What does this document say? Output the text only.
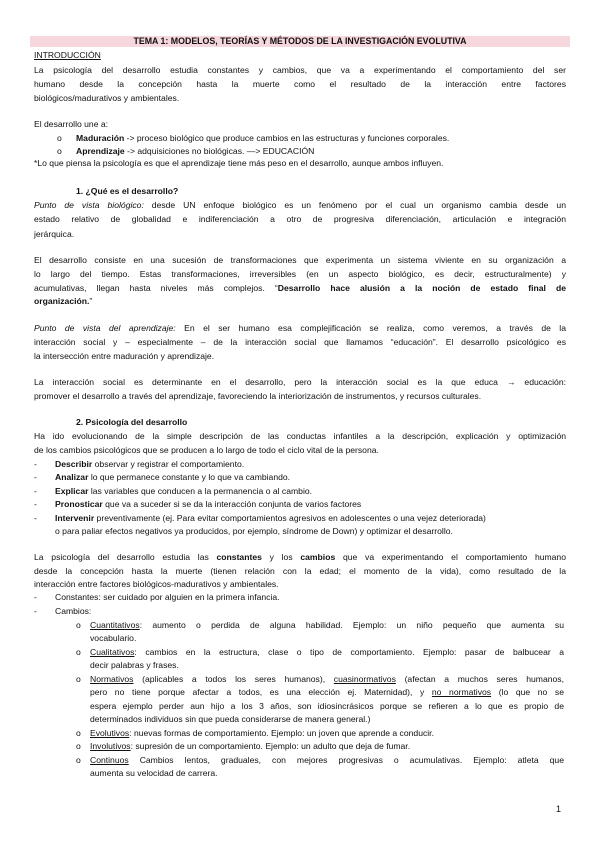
TEMA 1: MODELOS, TEORÍAS Y MÉTODOS DE LA INVESTIGACIÓN EVOLUTIVA
INTRODUCCIÓN
La psicología del desarrollo estudia constantes y cambios, que va a experimentando el comportamiento del ser
humano desde la concepción hasta la muerte como el resultado de la interacción entre factores
biológicos/madurativos y ambientales.
El desarrollo une a:
o Maduración -> proceso biológico que produce cambios en las estructuras y funciones corporales.
o Aprendizaje -> adquisiciones no biológicas. —> EDUCACIÓN
*Lo que piensa la psicología es que el aprendizaje tiene más peso en el desarrollo, aunque ambos influyen.
1. ¿Qué es el desarrollo?
Punto de vista biológico: desde UN enfoque biológico es un fenómeno por el cual un organismo cambia desde un
estado relativo de globalidad e indiferenciación a otro de progresiva diferenciación, articulación e integración
jerárquica.
El desarrollo consiste en una sucesión de transformaciones que experimenta un sistema viviente en su organización a
lo largo del tiempo. Estas transformaciones, irreversibles (en un aspecto biológico, es decir, estructuralmente) y
acumulativas, llegan hasta niveles más complejos. “Desarrollo hace alusión a la noción de estado final de
organización.”
Punto de vista del aprendizaje: En el ser humano esa complejificación se realiza, como veremos, a través de la
interacción social y – especialmente – de la interacción social que llamamos “educación”. El desarrollo psicológico es
la intersección entre maduración y aprendizaje.
La interacción social es determinante en el desarrollo, pero la interacción social es la que educa → educación:
promover el desarrollo a través del aprendizaje, favoreciendo la interiorización de instrumentos, y recursos culturales.
2. Psicología del desarrollo
Ha ido evolucionando de la simple descripción de las conductas infantiles a la descripción, explicación y optimización
de los cambios psicológicos que se producen a lo largo de todo el ciclo vital de la persona.
- Describir observar y registrar el comportamiento.
- Analizar lo que permanece constante y lo que va cambiando.
- Explicar las variables que conducen a la permanencia o al cambio.
- Pronosticar que va a suceder si se da la interacción conjunta de varios factores
- Intervenir preventivamente (ej. Para evitar comportamientos agresivos en adolescentes o una vejez deteriorada)
o para paliar efectos negativos ya producidos, por ejemplo, síndrome de Down) y optimizar el desarrollo.
La psicología del desarrollo estudia las constantes y los cambios que va experimentando el comportamiento humano
desde la concepción hasta la muerte (tienen relación con la edad; el momento de la vida), como resultado de la
interacción entre factores biológicos-madurativos y ambientales.
- Constantes: ser cuidado por alguien en la primera infancia.
- Cambios:
o Cuantitativos: aumento o perdida de alguna habilidad. Ejemplo: un niño pequeño que aumenta su
vocabulario.
o Cualitativos: cambios en la estructura, clase o tipo de comportamiento. Ejemplo: pasar de balbucear a
decir palabras y frases.
o Normativos (aplicables a todos los seres humanos), cuasinormativos (afectan a muchos seres humanos,
pero no tiene porque afectar a todos, es una elección ej. Maternidad), y no normativos (lo que no se
espera ejemplo perder aun hijo a los 3 años, son idiosincrásicos porque se refieren a lo que es propio de
determinados individuos sin que pueda considerarse de manera general.)
o Evolutivos: nuevas formas de comportamiento. Ejemplo: un joven que aprende a conducir.
o Involutivos: supresión de un comportamiento. Ejemplo: un adulto que deja de fumar.
o Continuos Cambios lentos, graduales, con mejores progresivas o acumulativas. Ejemplo: atleta que
aumenta su velocidad de carrera.
1
